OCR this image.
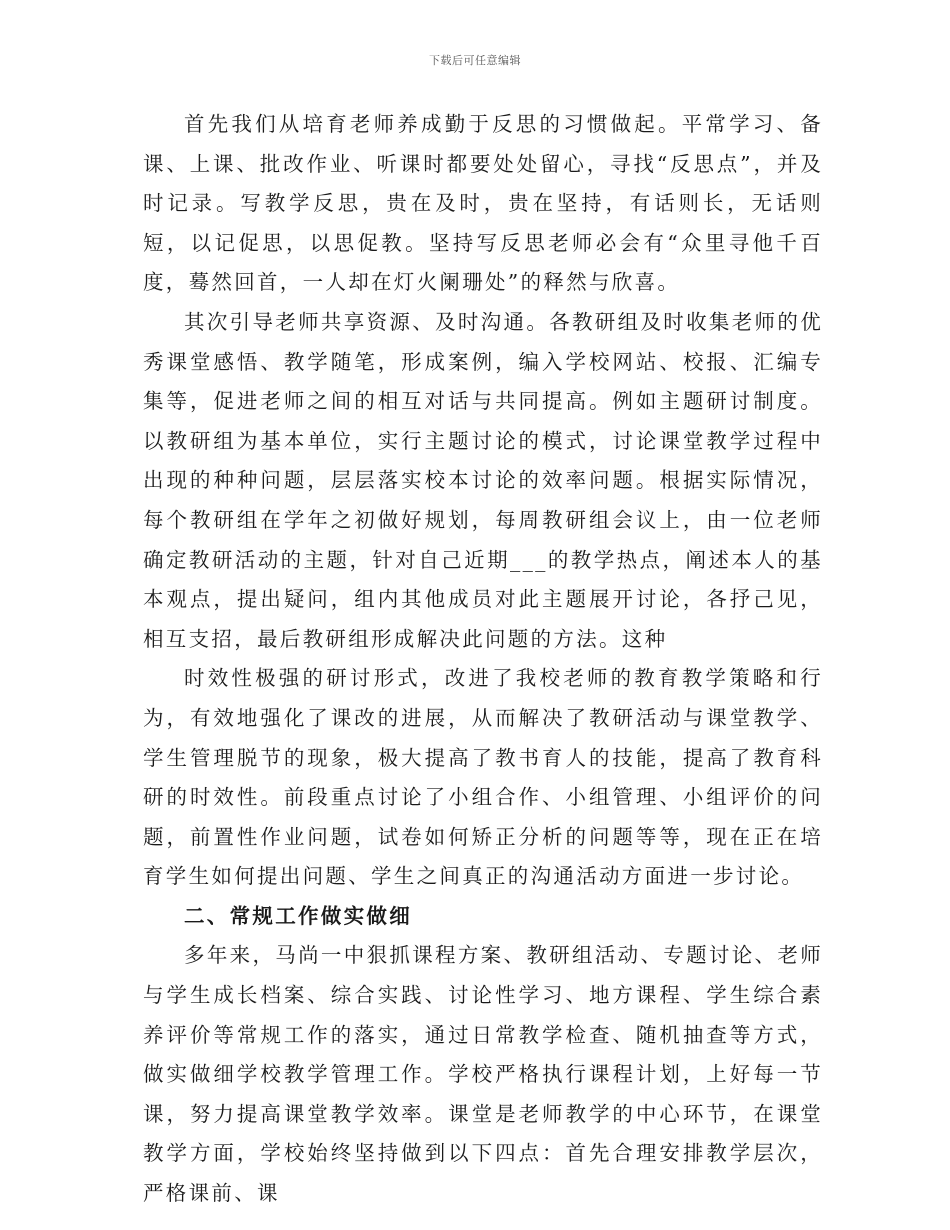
下载后可任意编辑

首先我们从培育老师养成勤于反思的习惯做起。平常学习、备课、上课、批改作业、听课时都要处处留心，寻找“反思点”，并及时记录。写教学反思，贵在及时，贵在坚持，有话则长，无话则短，以记促思，以思促教。坚持写反思老师必会有“众里寻他千百度，蓦然回首，一人却在灯火阑珊处”的释然与欣喜。

其次引导老师共享资源、及时沟通。各教研组及时收集老师的优秀课堂感悟、教学随笔，形成案例，编入学校网站、校报、汇编专集等，促进老师之间的相互对话与共同提高。例如主题研讨制度。以教研组为基本单位，实行主题讨论的模式，讨论课堂教学过程中出现的种种问题，层层落实校本讨论的效率问题。根据实际情况，每个教研组在学年之初做好规划，每周教研组会议上，由一位老师确定教研活动的主题，针对自己近期___的教学热点，阐述本人的基本观点，提出疑问，组内其他成员对此主题展开讨论，各抒己见，相互支招，最后教研组形成解决此问题的方法。这种

时效性极强的研讨形式，改进了我校老师的教育教学策略和行为，有效地强化了课改的进展，从而解决了教研活动与课堂教学、学生管理脱节的现象，极大提高了教书育人的技能，提高了教育科研的时效性。前段重点讨论了小组合作、小组管理、小组评价的问题，前置性作业问题，试卷如何矫正分析的问题等等，现在正在培育学生如何提出问题、学生之间真正的沟通活动方面进一步讨论。

二、常规工作做实做细

多年来，马尚一中狠抓课程方案、教研组活动、专题讨论、老师与学生成长档案、综合实践、讨论性学习、地方课程、学生综合素养评价等常规工作的落实，通过日常教学检查、随机抽查等方式，做实做细学校教学管理工作。学校严格执行课程计划，上好每一节课，努力提高课堂教学效率。课堂是老师教学的中心环节，在课堂教学方面，学校始终坚持做到以下四点：首先合理安排教学层次，严格课前、课
